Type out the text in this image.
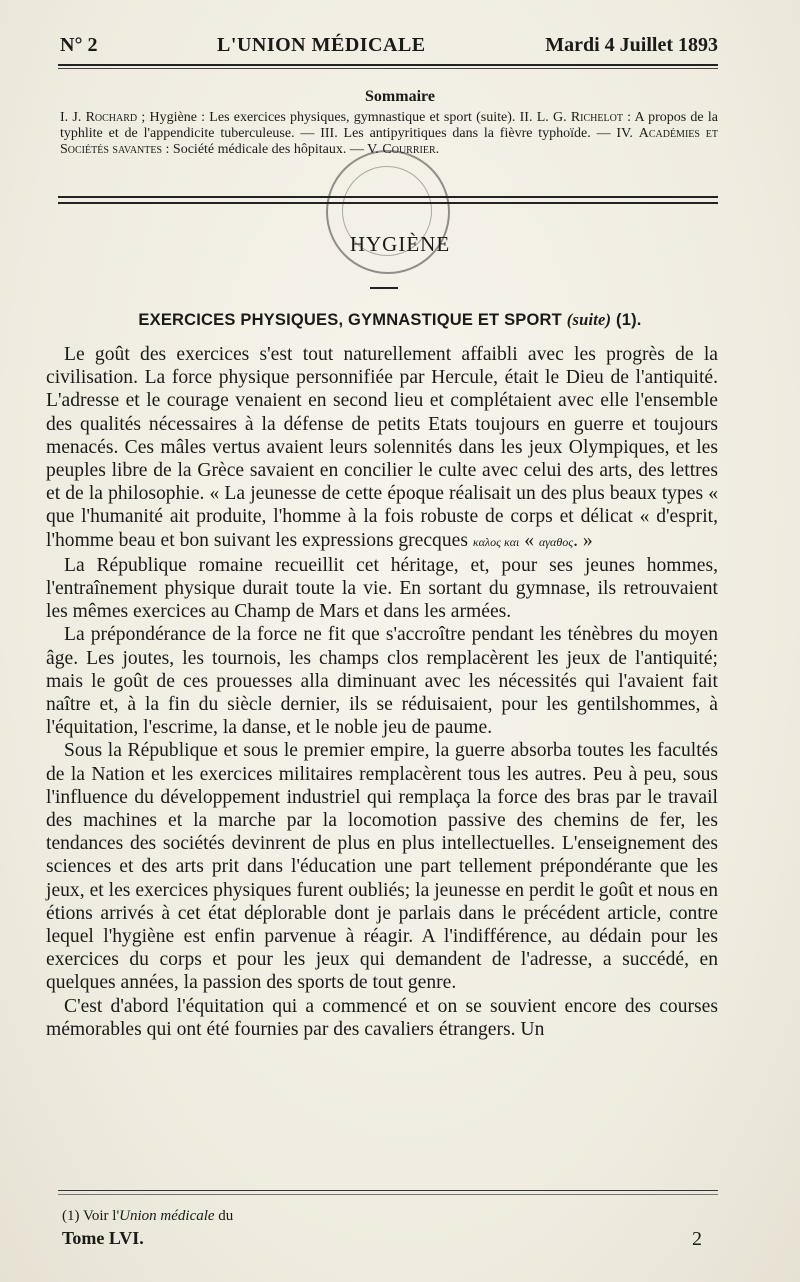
N° 2	L'UNION MÉDICALE	Mardi 4 Juillet 1893
Sommaire
I. J. Rochard ; Hygiène : Les exercices physiques, gymnastique et sport (suite). II. L. G. Richelot : A propos de la typhlite et de l'appendicite tuberculeuse. — III. Les antipyritiques dans la fièvre typhoïde. — IV. Académies et Sociétés savantes : Société médicale des hôpitaux. — V. Courrier.
HYGIÈNE
EXERCICES PHYSIQUES, GYMNASTIQUE ET SPORT (suite) (1).

Le goût des exercices s'est tout naturellement affaibli avec les progrès de la civilisation. La force physique personnifiée par Hercule, était le Dieu de l'antiquité. L'adresse et le courage venaient en second lieu et complétaient avec elle l'ensemble des qualités nécessaires à la défense de petits Etats toujours en guerre et toujours menacés. Ces mâles vertus avaient leurs solennités dans les jeux Olympiques, et les peuples libre de la Grèce savaient en concilier le culte avec celui des arts, des lettres et de la philosophie. « La jeunesse de cette époque réalisait un des plus beaux types « que l'humanité ait produite, l'homme à la fois robuste de corps et délicat « d'esprit, l'homme beau et bon suivant les expressions grecques καλος και « αγαθος. »

La République romaine recueillit cet héritage, et, pour ses jeunes hommes, l'entraînement physique durait toute la vie. En sortant du gymnase, ils retrouvaient les mêmes exercices au Champ de Mars et dans les armées.

La prépondérance de la force ne fit que s'accroître pendant les ténèbres du moyen âge. Les joutes, les tournois, les champs clos remplacèrent les jeux de l'antiquité; mais le goût de ces prouesses alla diminuant avec les nécessités qui l'avaient fait naître et, à la fin du siècle dernier, ils se réduisaient, pour les gentilshommes, à l'équitation, l'escrime, la danse, et le noble jeu de paume.

Sous la République et sous le premier empire, la guerre absorba toutes les facultés de la Nation et les exercices militaires remplacèrent tous les autres. Peu à peu, sous l'influence du développement industriel qui remplaça la force des bras par le travail des machines et la marche par la locomotion passive des chemins de fer, les tendances des sociétés devinrent de plus en plus intellectuelles. L'enseignement des sciences et des arts prit dans l'éducation une part tellement prépondérante que les jeux, et les exercices physiques furent oubliés; la jeunesse en perdit le goût et nous en étions arrivés à cet état déplorable dont je parlais dans le précédent article, contre lequel l'hygiène est enfin parvenue à réagir. A l'indifférence, au dédain pour les exercices du corps et pour les jeux qui demandent de l'adresse, a succédé, en quelques années, la passion des sports de tout genre.

C'est d'abord l'équitation qui a commencé et on se souvient encore des courses mémorables qui ont été fournies par des cavaliers étrangers. Un

(1) Voir l'Union médicale du
Tome LVI.	2
